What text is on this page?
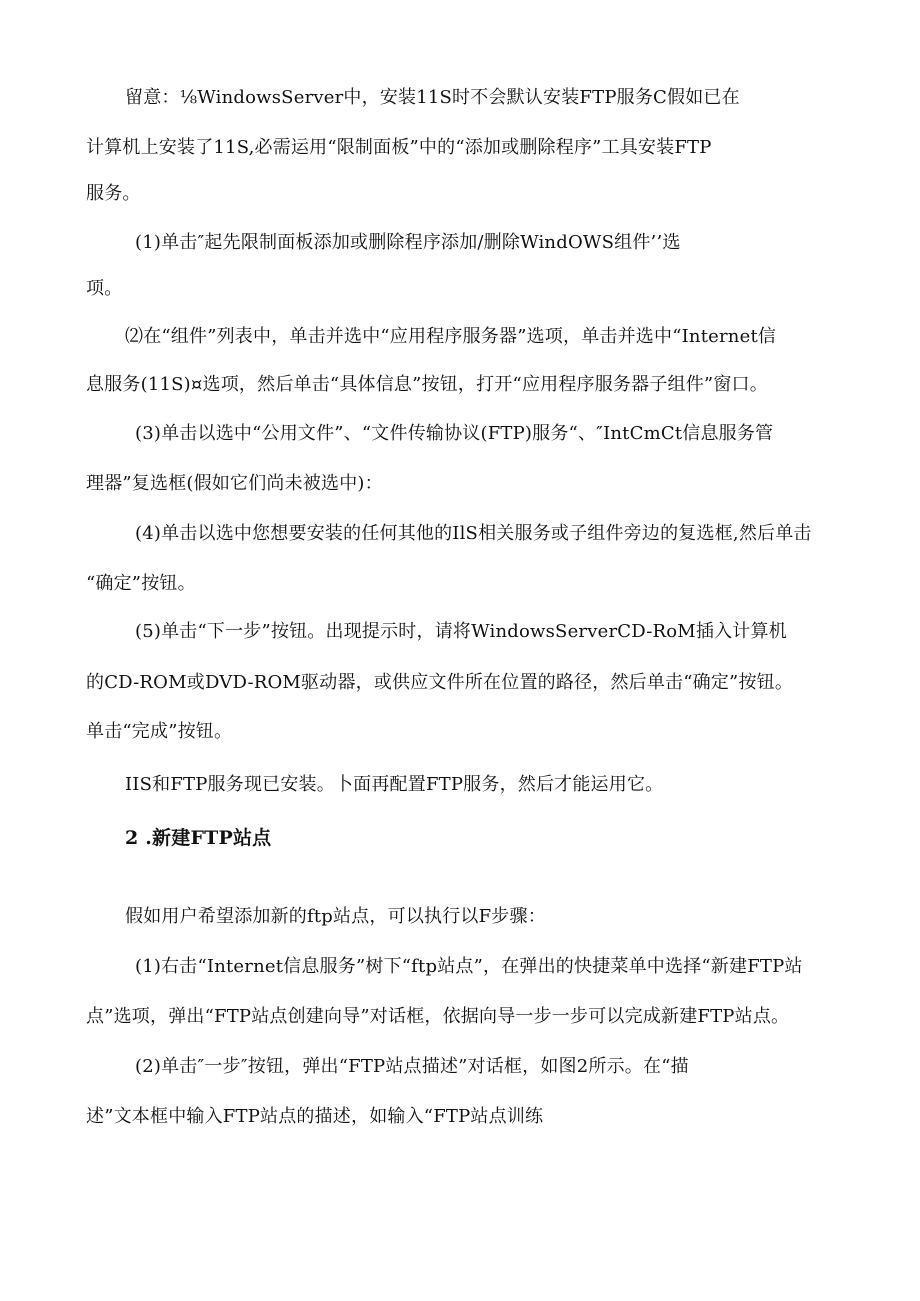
留意：⅛WindowsServer中，安装11S时不会默认安装FTP服务C假如已在
计算机上安装了11S,必需运用“限制面板”中的“添加或删除程序”工具安装FTP
服务。
(1)单击″起先限制面板添加或删除程序添加/删除WindOWS组件’’选
项。
⑵在“组件”列表中，单击并选中“应用程序服务器”选项，单击并选中“Internet信
息服务(11S)¤选项，然后单击“具体信息”按钮，打开“应用程序服务器子组件”窗口。
(3)单击以选中“公用文件”、“文件传输协议(FTP)服务“、″IntCmCt信息服务管
理器”复选框(假如它们尚未被选中)：
(4)单击以选中您想要安装的任何其他的IlS相关服务或子组件旁边的复选框,然后单击
“确定”按钮。
(5)单击“下一步”按钮。出现提示时，请将WindowsServerCD-RoM插入计算机
的CD-ROM或DVD-ROM驱动器，或供应文件所在位置的路径，然后单击“确定”按钮。
单击“完成”按钮。
IIS和FTP服务现已安装。卜面再配置FTP服务，然后才能运用它。
2 .新建FTP站点
假如用户希望添加新的ftp站点，可以执行以F步骤：
(1)右击“Internet信息服务”树下“ftp站点”，在弹出的快捷菜单中选择“新建FTP站
点”选项，弹出“FTP站点创建向导”对话框，依据向导一步一步可以完成新建FTP站点。
(2)单击″一步″按钮，弹出“FTP站点描述”对话框，如图2所示。在“描
述”文本框中输入FTP站点的描述，如输入“FTP站点训练
